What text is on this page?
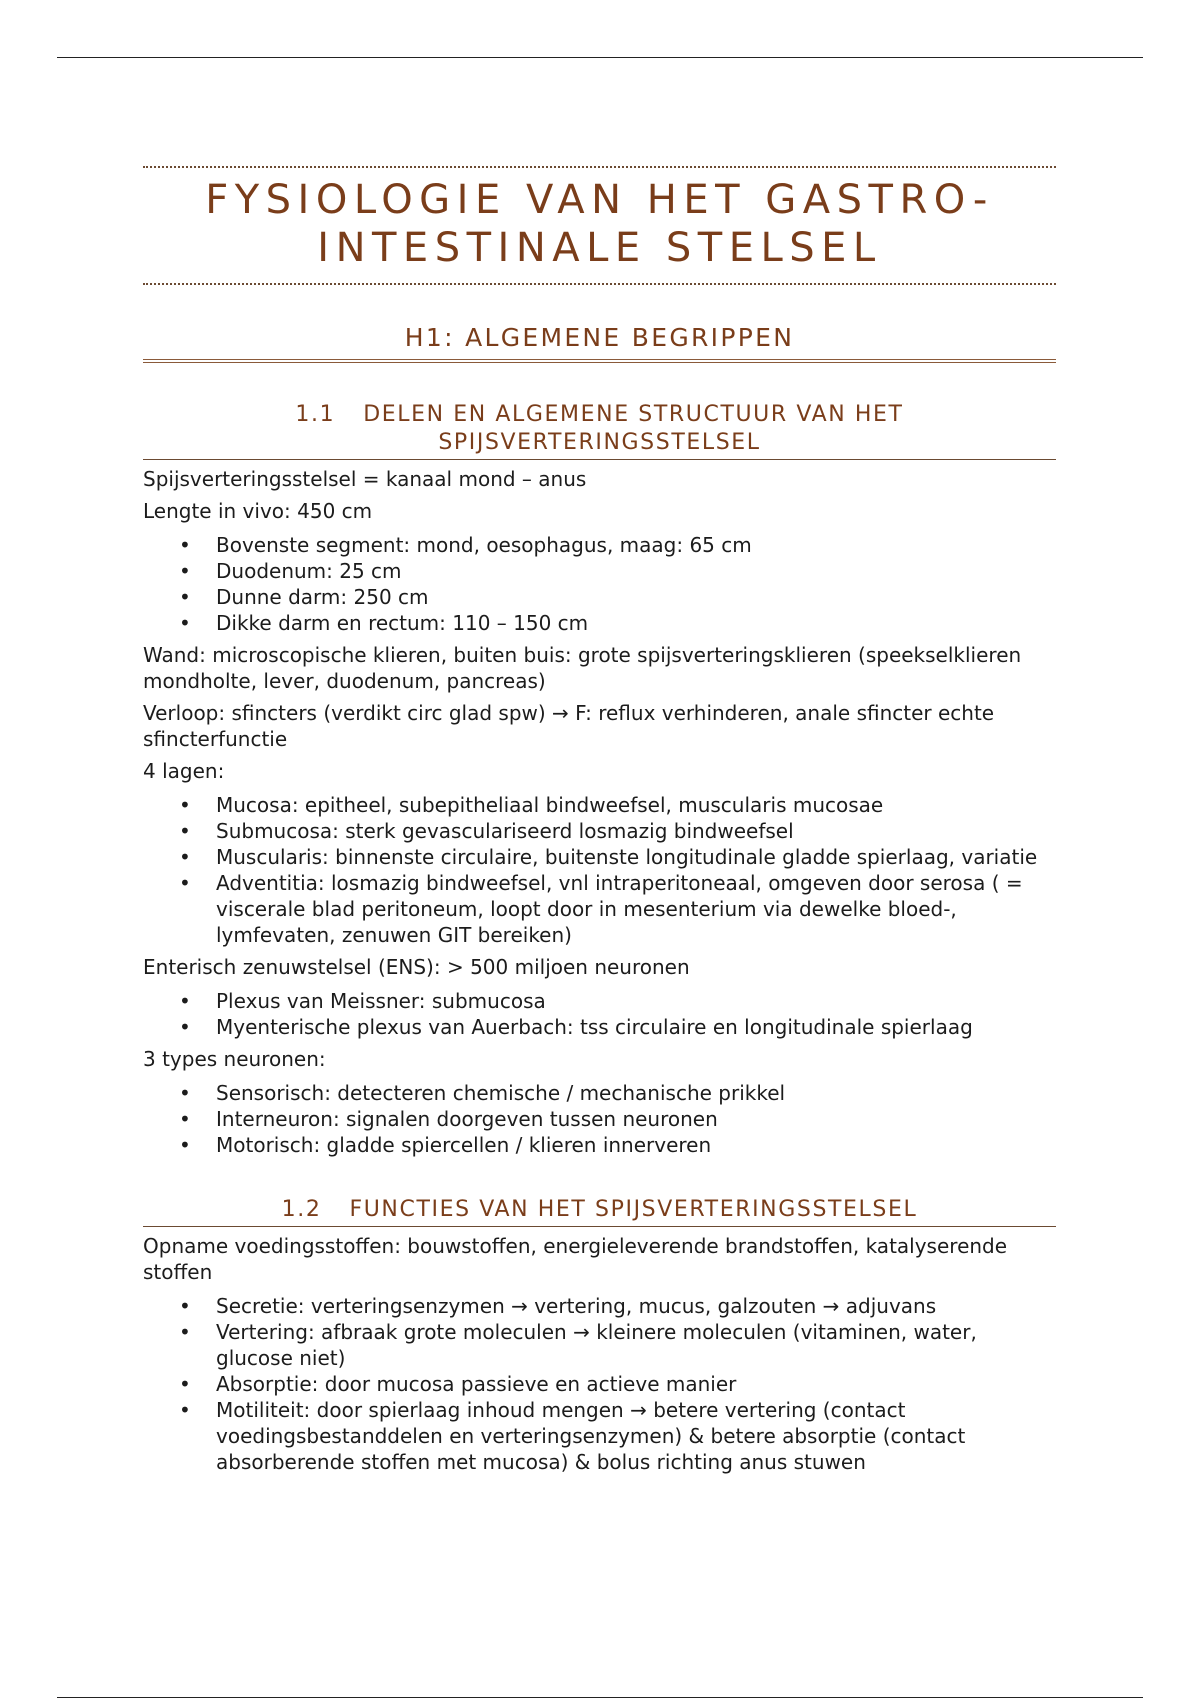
FYSIOLOGIE VAN HET GASTRO-
INTESTINALE STELSEL
H1: ALGEMENE BEGRIPPEN
1.1 DELEN EN ALGEMENE STRUCTUUR VAN HET
SPIJSVERTERINGSSTELSEL

Spijsverteringsstelsel = kanaal mond – anus

Lengte in vivo: 450 cm

• Bovenste segment: mond, oesophagus, maag: 65 cm
• Duodenum: 25 cm
• Dunne darm: 250 cm
• Dikke darm en rectum: 110 – 150 cm

Wand: microscopische klieren, buiten buis: grote spijsverteringsklieren (speekselklieren mondholte, lever, duodenum, pancreas)

Verloop: sfincters (verdikt circ glad spw) → F: reflux verhinderen, anale sfincter echte sfincterfunctie

4 lagen:

• Mucosa: epitheel, subepitheliaal bindweefsel, muscularis mucosae
• Submucosa: sterk gevasculariseerd losmazig bindweefsel
• Muscularis: binnenste circulaire, buitenste longitudinale gladde spierlaag, variatie
• Adventitia: losmazig bindweefsel, vnl intraperitoneaal, omgeven door serosa ( = viscerale blad peritoneum, loopt door in mesenterium via dewelke bloed-, lymfevaten, zenuwen GIT bereiken)

Enterisch zenuwstelsel (ENS): > 500 miljoen neuronen

• Plexus van Meissner: submucosa
• Myenterische plexus van Auerbach: tss circulaire en longitudinale spierlaag

3 types neuronen:

• Sensorisch: detecteren chemische / mechanische prikkel
• Interneuron: signalen doorgeven tussen neuronen
• Motorisch: gladde spiercellen / klieren innerveren
1.2 FUNCTIES VAN HET SPIJSVERTERINGSSTELSEL

Opname voedingsstoffen: bouwstoffen, energieleverende brandstoffen, katalyserende stoffen

• Secretie: verteringsenzymen → vertering, mucus, galzouten → adjuvans
• Vertering: afbraak grote moleculen → kleinere moleculen (vitaminen, water, glucose niet)
• Absorptie: door mucosa passieve en actieve manier
• Motiliteit: door spierlaag inhoud mengen → betere vertering (contact voedingsbestanddelen en verteringsenzymen) & betere absorptie (contact absorberende stoffen met mucosa) & bolus richting anus stuwen
